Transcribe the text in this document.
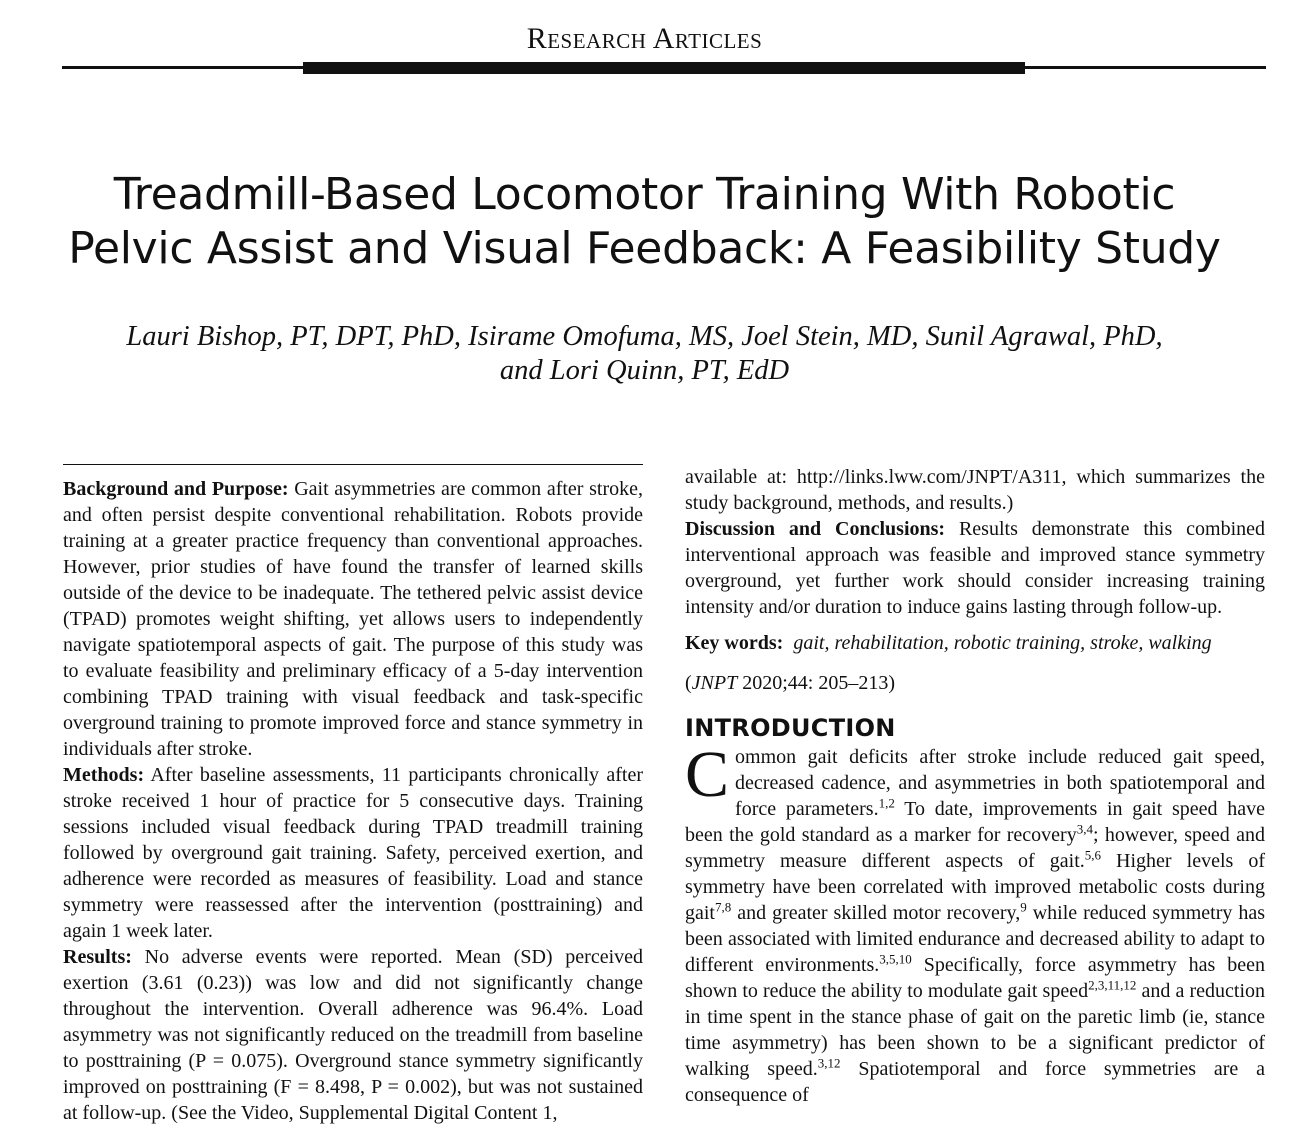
Research Articles
Treadmill-Based Locomotor Training With Robotic
Pelvic Assist and Visual Feedback: A Feasibility Study
Lauri Bishop, PT, DPT, PhD, Isirame Omofuma, MS, Joel Stein, MD, Sunil Agrawal, PhD,
and Lori Quinn, PT, EdD

Background and Purpose: Gait asymmetries are common after stroke, and often persist despite conventional rehabilitation. Robots provide training at a greater practice frequency than conventional approaches. However, prior studies of have found the transfer of learned skills outside of the device to be inadequate. The tethered pelvic assist device (TPAD) promotes weight shifting, yet allows users to independently navigate spatiotemporal aspects of gait. The purpose of this study was to evaluate feasibility and preliminary efficacy of a 5-day intervention combining TPAD training with visual feedback and task-specific overground training to promote improved force and stance symmetry in individuals after stroke.

Methods: After baseline assessments, 11 participants chronically after stroke received 1 hour of practice for 5 consecutive days. Training sessions included visual feedback during TPAD treadmill training followed by overground gait training. Safety, perceived exertion, and adherence were recorded as measures of feasibility. Load and stance symmetry were reassessed after the intervention (posttraining) and again 1 week later.

Results: No adverse events were reported. Mean (SD) perceived exertion (3.61 (0.23)) was low and did not significantly change throughout the intervention. Overall adherence was 96.4%. Load asymmetry was not significantly reduced on the treadmill from baseline to posttraining (P = 0.075). Overground stance symmetry significantly improved on posttraining (F = 8.498, P = 0.002), but was not sustained at follow-up. (See the Video, Supplemental Digital Content 1,

available at: http://links.lww.com/JNPT/A311, which summarizes the study background, methods, and results.)

Discussion and Conclusions: Results demonstrate this combined interventional approach was feasible and improved stance symmetry overground, yet further work should consider increasing training intensity and/or duration to induce gains lasting through follow-up.

Key words: gait, rehabilitation, robotic training, stroke, walking

(JNPT 2020;44: 205–213)

INTRODUCTION

Common gait deficits after stroke include reduced gait speed, decreased cadence, and asymmetries in both spatiotemporal and force parameters.$^{1,2}$ To date, improvements in gait speed have been the gold standard as a marker for recovery$^{3,4}$; however, speed and symmetry measure different aspects of gait.$^{5,6}$ Higher levels of symmetry have been correlated with improved metabolic costs during gait$^{7,8}$ and greater skilled motor recovery,$^9$ while reduced symmetry has been associated with limited endurance and decreased ability to adapt to different environments.$^{3,5,10}$ Specifically, force asymmetry has been shown to reduce the ability to modulate gait speed$^{2,3,11,12}$ and a reduction in time spent in the stance phase of gait on the paretic limb (ie, stance time asymmetry) has been shown to be a significant predictor of walking speed.$^{3,12}$ Spatiotemporal and force symmetries are a consequence of
